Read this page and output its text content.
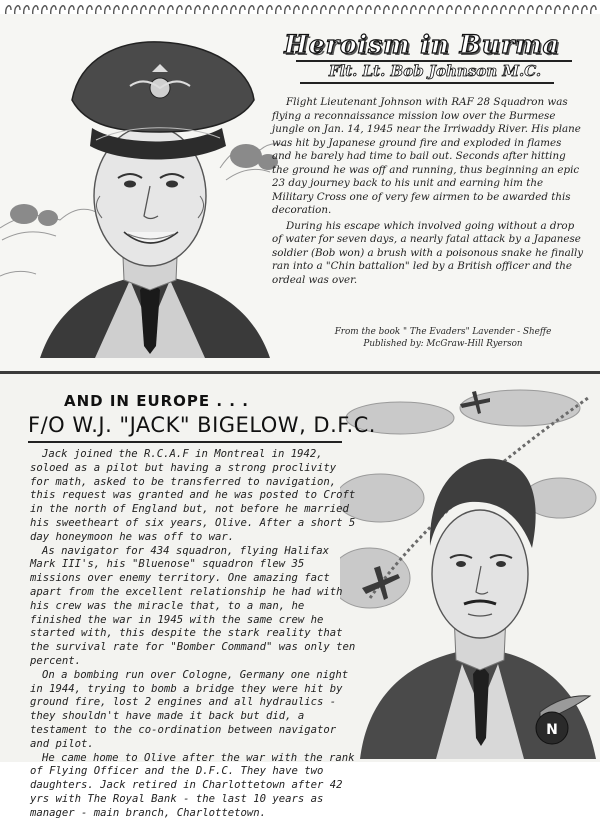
Heroism in Burma
Flt. Lt. Bob Johnson M.C.

Flight Lieutenant Johnson with RAF 28 Squadron was flying a reconnaissance mission low over the Burmese jungle on Jan. 14, 1945 near the Irriwaddy River. His plane was hit by Japanese ground fire and exploded in flames and he barely had time to bail out. Seconds after hitting the ground he was off and running, thus beginning an epic 23 day journey back to his unit and earning him the Military Cross one of very few airmen to be awarded this decoration.

During his escape which involved going without a drop of water for seven days, a nearly fatal attack by a Japanese soldier (Bob won) a brush with a poisonous snake he finally ran into a "Chin battalion" led by a British officer and the ordeal was over.

From the book " The Evaders" Lavender - Sheffe
Published by: McGraw-Hill Ryerson
N
AND IN EUROPE . . .
F/O W.J. "JACK" BIGELOW, D.F.C.

Jack joined the R.C.A.F in Montreal in 1942, soloed as a pilot but having a strong proclivity for math, asked to be transferred to navigation, this request was granted and he was posted to Croft in the north of England but, not before he married his sweetheart of six years, Olive. After a short 5 day honeymoon he was off to war.

As navigator for 434 squadron, flying Halifax Mark III's, his "Bluenose" squadron flew 35 missions over enemy territory. One amazing fact apart from the excellent relationship he had with his crew was the miracle that, to a man, he finished the war in 1945 with the same crew he started with, this despite the stark reality that the survival rate for "Bomber Command" was only ten percent.

On a bombing run over Cologne, Germany one night in 1944, trying to bomb a bridge they were hit by ground fire, lost 2 engines and all hydraulics - they shouldn't have made it back but did, a testament to the co-ordination between navigator and pilot.

He came home to Olive after the war with the rank of Flying Officer and the D.F.C. They have two daughters. Jack retired in Charlottetown after 42 yrs with The Royal Bank - the last 10 years as manager - main branch, Charlottetown.
